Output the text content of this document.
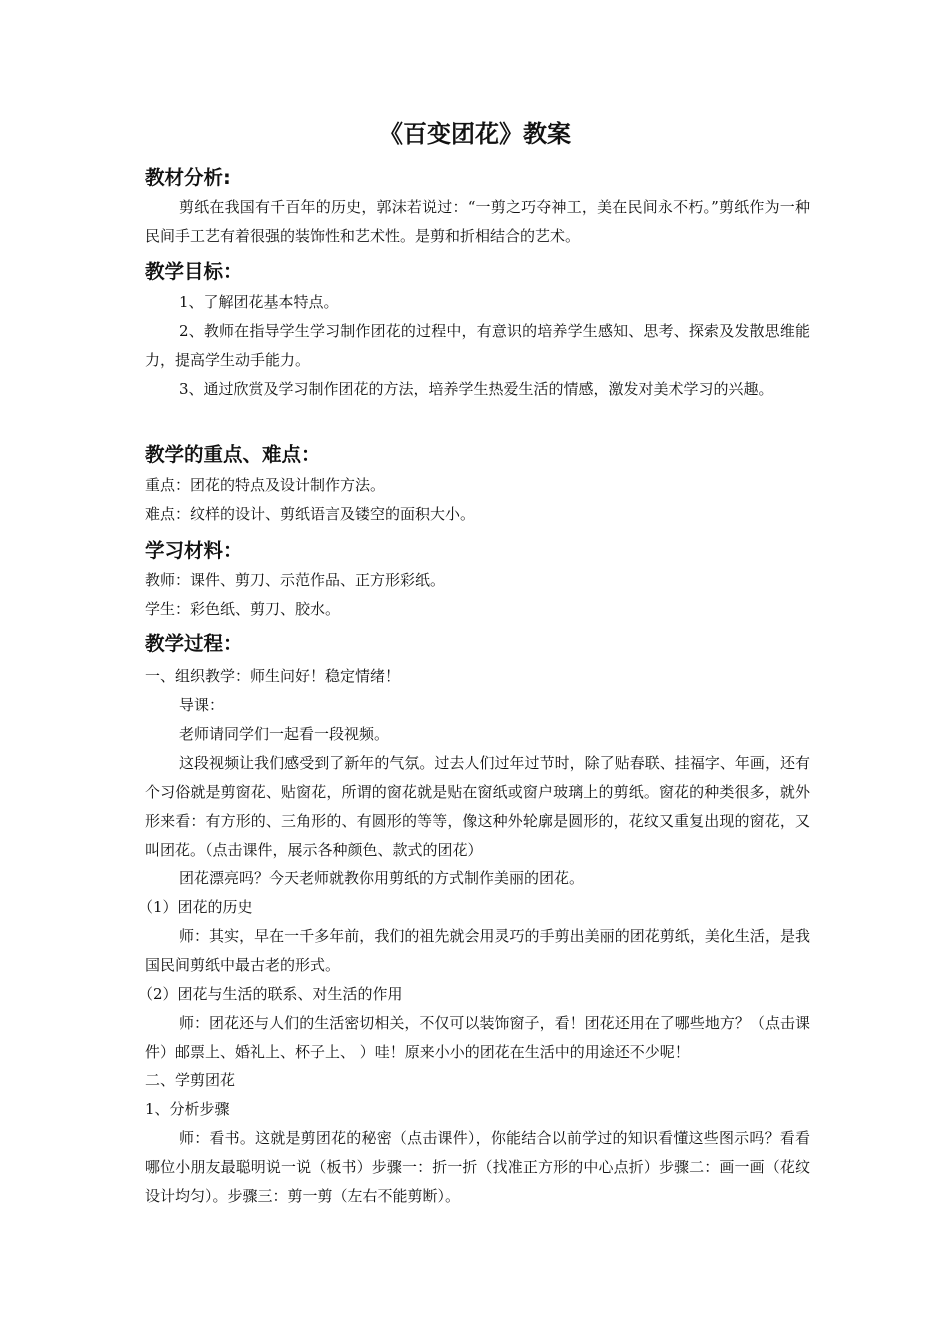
《百变团花》教案
教材分析:
剪纸在我国有千百年的历史，郭沫若说过：“一剪之巧夺神工，美在民间永不朽。”剪纸作为一种民间手工艺有着很强的装饰性和艺术性。是剪和折相结合的艺术。
教学目标：
1、了解团花基本特点。
2、教师在指导学生学习制作团花的过程中，有意识的培养学生感知、思考、探索及发散思维能力，提高学生动手能力。
3、通过欣赏及学习制作团花的方法，培养学生热爱生活的情感，激发对美术学习的兴趣。
教学的重点、难点：
重点：团花的特点及设计制作方法。
难点：纹样的设计、剪纸语言及镂空的面积大小。
学习材料：
教师：课件、剪刀、示范作品、正方形彩纸。
学生：彩色纸、剪刀、胶水。
教学过程：
一、组织教学：师生问好！稳定情绪！
导课：
老师请同学们一起看一段视频。
这段视频让我们感受到了新年的气氛。过去人们过年过节时，除了贴春联、挂福字、年画，还有个习俗就是剪窗花、贴窗花，所谓的窗花就是贴在窗纸或窗户玻璃上的剪纸。窗花的种类很多，就外形来看：有方形的、三角形的、有圆形的等等，像这种外轮廓是圆形的，花纹又重复出现的窗花，又叫团花。（点击课件，展示各种颜色、款式的团花）
团花漂亮吗？今天老师就教你用剪纸的方式制作美丽的团花。
（1）团花的历史
师：其实，早在一千多年前，我们的祖先就会用灵巧的手剪出美丽的团花剪纸，美化生活，是我国民间剪纸中最古老的形式。
（2）团花与生活的联系、对生活的作用
师：团花还与人们的生活密切相关，不仅可以装饰窗子，看！团花还用在了哪些地方？（点击课件）邮票上、婚礼上、杯子上、 ）哇！原来小小的团花在生活中的用途还不少呢！
二、学剪团花
1、分析步骤
师：看书。这就是剪团花的秘密（点击课件），你能结合以前学过的知识看懂这些图示吗？看看哪位小朋友最聪明说一说（板书）步骤一：折一折（找准正方形的中心点折）步骤二：画一画（花纹设计均匀）。步骤三：剪一剪（左右不能剪断）。
